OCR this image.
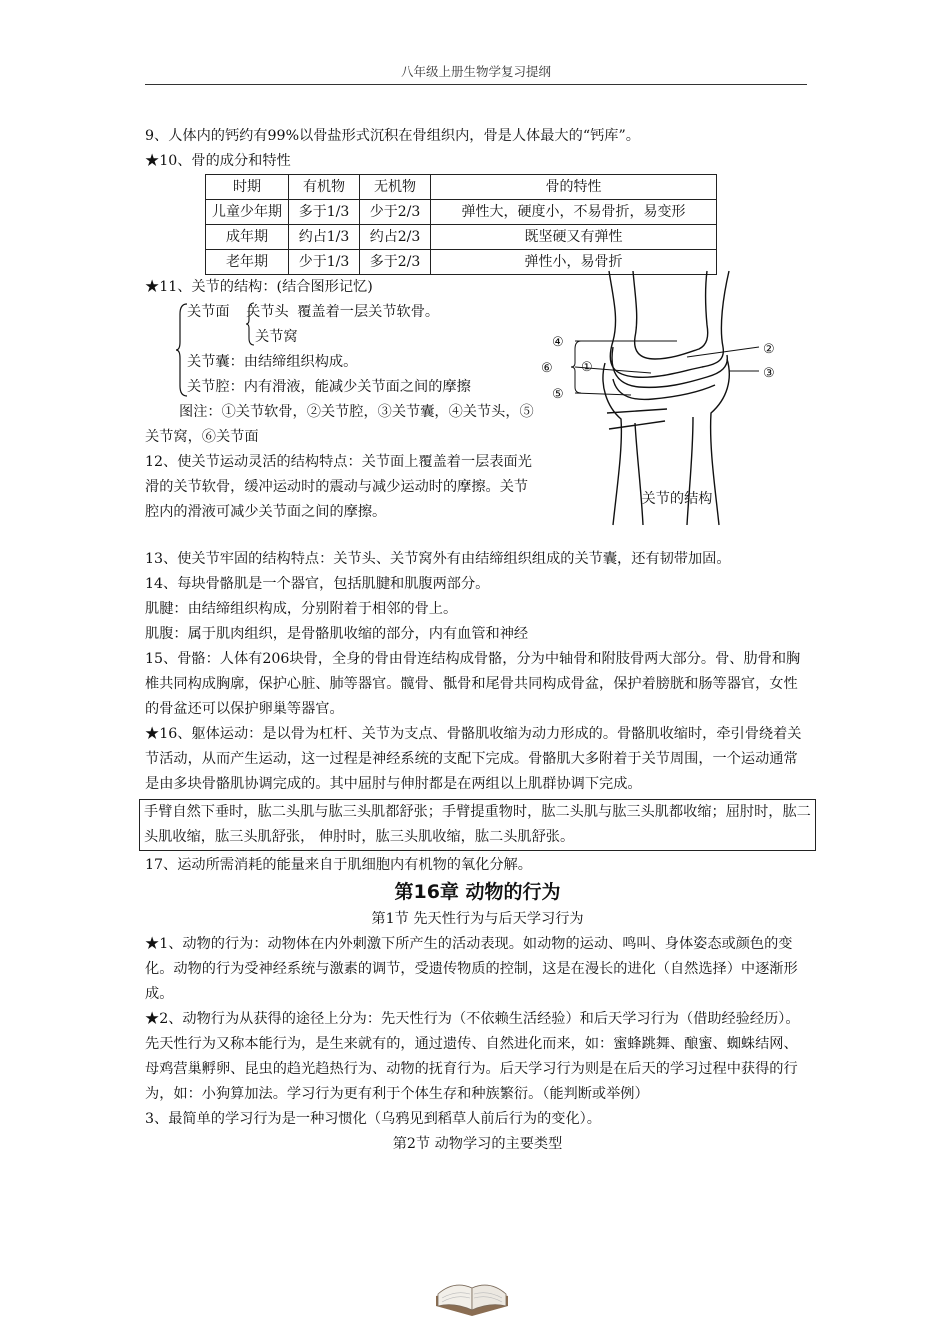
八年级上册生物学复习提纲

9、人体内的钙约有99%以骨盐形式沉积在骨组织内，骨是人体最大的“钙库”。

★10、骨的成分和特性

时期	有机物	无机物	骨的特性
儿童少年期	多于1/3	少于2/3	弹性大，硬度小，不易骨折，易变形
成年期	约占1/3	约占2/3	既坚硬又有弹性
老年期	少于1/3	多于2/3	弹性小，易骨折

★11、关节的结构：(结合图形记忆)

关节面 关节头 覆盖着一层关节软骨。
关节窝
关节囊：由结缔组织构成。
关节腔：内有滑液，能减少关节面之间的摩擦

图注：①关节软骨，②关节腔，③关节囊，④关节头，⑤关节窝，⑥关节面

12、使关节运动灵活的结构特点：关节面上覆盖着一层表面光滑的关节软骨，缓冲运动时的震动与减少运动时的摩擦。关节腔内的滑液可减少关节面之间的摩擦。

④
①
⑤
⑥
②
③
关节的结构

13、使关节牢固的结构特点：关节头、关节窝外有由结缔组织组成的关节囊，还有韧带加固。

14、每块骨骼肌是一个器官，包括肌腱和肌腹两部分。

肌腱：由结缔组织构成，分别附着于相邻的骨上。

肌腹：属于肌肉组织，是骨骼肌收缩的部分，内有血管和神经

15、骨骼：人体有206块骨，全身的骨由骨连结构成骨骼，分为中轴骨和附肢骨两大部分。骨、肋骨和胸椎共同构成胸廓，保护心脏、肺等器官。髋骨、骶骨和尾骨共同构成骨盆，保护着膀胱和肠等器官，女性的骨盆还可以保护卵巢等器官。

★16、躯体运动：是以骨为杠杆、关节为支点、骨骼肌收缩为动力形成的。骨骼肌收缩时，牵引骨绕着关节活动，从而产生运动，这一过程是神经系统的支配下完成。骨骼肌大多附着于关节周围，一个运动通常是由多块骨骼肌协调完成的。其中屈肘与伸肘都是在两组以上肌群协调下完成。

手臂自然下垂时，肱二头肌与肱三头肌都舒张；手臂提重物时，肱二头肌与肱三头肌都收缩；屈肘时，肱二头肌收缩，肱三头肌舒张， 伸肘时，肱三头肌收缩，肱二头肌舒张。

17、运动所需消耗的能量来自于肌细胞内有机物的氧化分解。

第16章 动物的行为
第1节 先天性行为与后天学习行为

★1、动物的行为：动物体在内外刺激下所产生的活动表现。如动物的运动、鸣叫、身体姿态或颜色的变化。动物的行为受神经系统与激素的调节，受遗传物质的控制，这是在漫长的进化（自然选择）中逐渐形成。

★2、动物行为从获得的途径上分为：先天性行为（不依赖生活经验）和后天学习行为（借助经验经历）。先天性行为又称本能行为，是生来就有的，通过遗传、自然进化而来，如：蜜蜂跳舞、酿蜜、蜘蛛结网、母鸡营巢孵卵、昆虫的趋光趋热行为、动物的抚育行为。后天学习行为则是在后天的学习过程中获得的行为，如：小狗算加法。学习行为更有利于个体生存和种族繁衍。（能判断或举例）

3、最简单的学习行为是一种习惯化（乌鸦见到稻草人前后行为的变化）。

第2节 动物学习的主要类型
